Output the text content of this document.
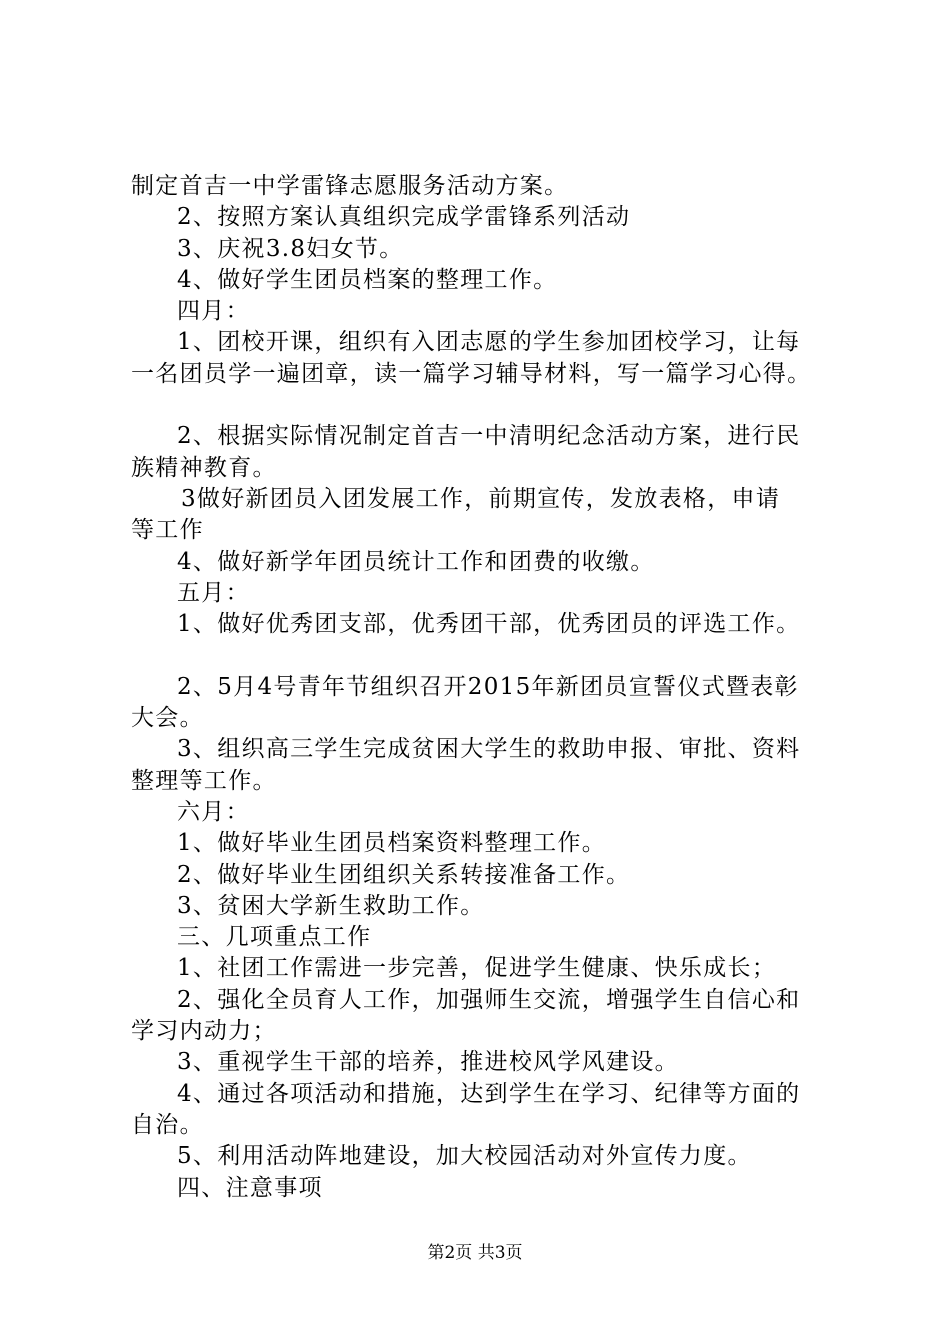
制定首吉一中学雷锋志愿服务活动方案。
2、按照方案认真组织完成学雷锋系列活动
3、庆祝3.8妇女节。
4、做好学生团员档案的整理工作。
四月：
1、团校开课，组织有入团志愿的学生参加团校学习，让每
一名团员学一遍团章，读一篇学习辅导材料，写一篇学习心得。
2、根据实际情况制定首吉一中清明纪念活动方案，进行民
族精神教育。
3做好新团员入团发展工作，前期宣传，发放表格，申请
等工作
4、做好新学年团员统计工作和团费的收缴。
五月：
1、做好优秀团支部，优秀团干部，优秀团员的评选工作。
2、5月4号青年节组织召开2015年新团员宣誓仪式暨表彰
大会。
3、组织高三学生完成贫困大学生的救助申报、审批、资料
整理等工作。
六月：
1、做好毕业生团员档案资料整理工作。
2、做好毕业生团组织关系转接准备工作。
3、贫困大学新生救助工作。
三、几项重点工作
1、社团工作需进一步完善，促进学生健康、快乐成长；
2、强化全员育人工作，加强师生交流，增强学生自信心和
学习内动力；
3、重视学生干部的培养，推进校风学风建设。
4、通过各项活动和措施，达到学生在学习、纪律等方面的
自治。
5、利用活动阵地建设，加大校园活动对外宣传力度。
四、注意事项
第2页 共3页
